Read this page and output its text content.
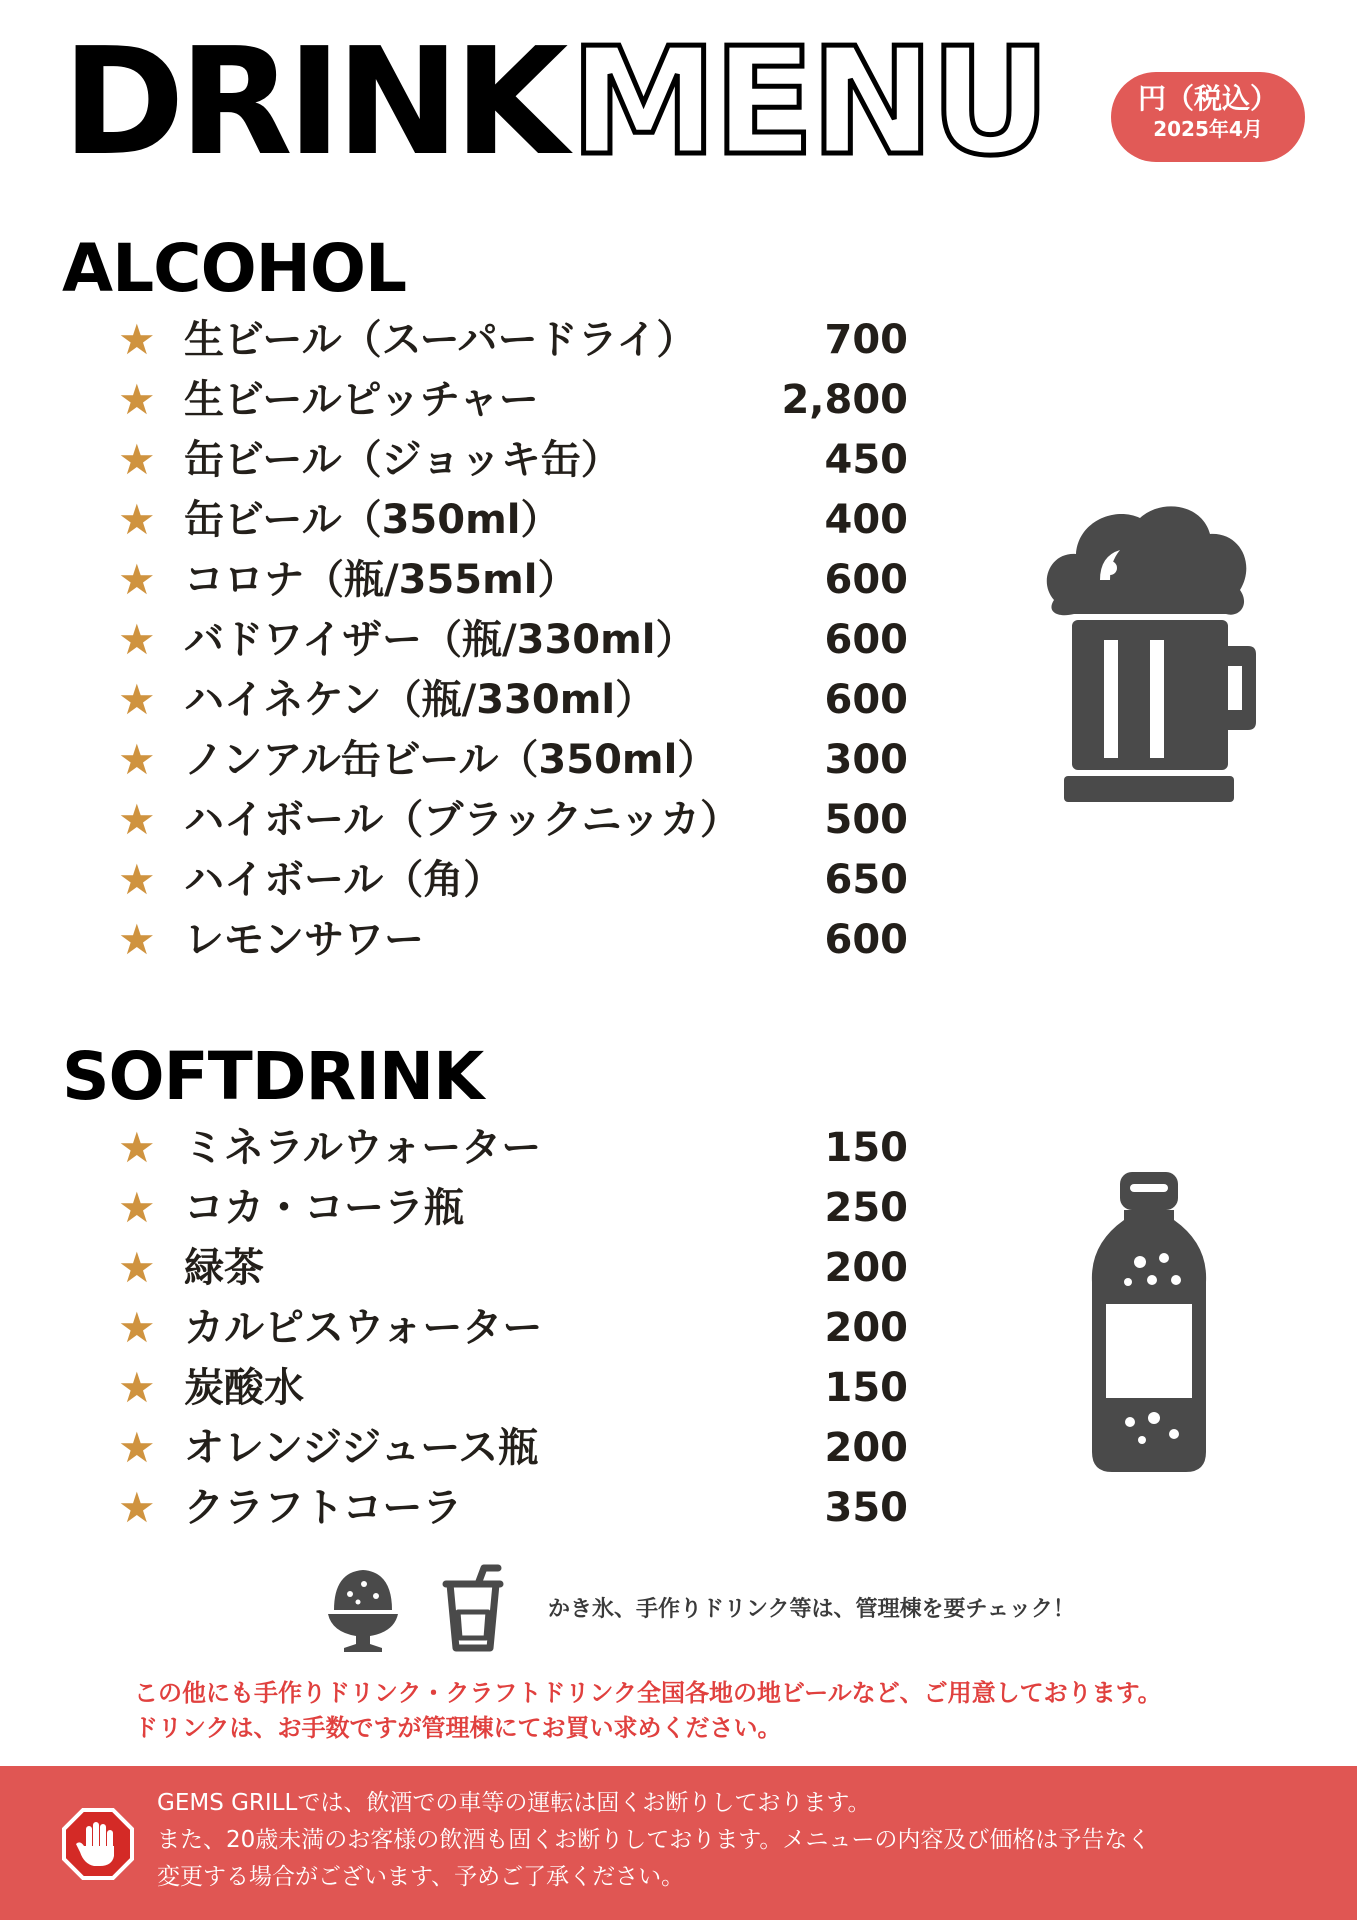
DRINK MENU	円（税込）
2025年4月
ALCOHOL
★ 生ビール（スーパードライ）	700
★ 生ビールピッチャー	2,800
★ 缶ビール（ジョッキ缶）	450
★ 缶ビール（350ml）	400
★ コロナ（瓶/355ml）	600
★ バドワイザー（瓶/330ml）	600
★ ハイネケン（瓶/330ml）	600
★ ノンアル缶ビール（350ml）	300
★ ハイボール（ブラックニッカ） 500
★ ハイボール（角）	650
★ レモンサワー	600
SOFTDRINK
★ ミネラルウォーター	150
★ コカ・コーラ瓶	250
★ 緑茶	200
★ カルピスウォーター	200
★ 炭酸水	150
★ オレンジジュース瓶	200
★ クラフトコーラ	350
かき氷、手作りドリンク等は、管理棟を要チェック！
この他にも手作りドリンク・クラフトドリンク全国各地の地ビールなど、ご用意しております。
ドリンクは、お手数ですが管理棟にてお買い求めください。
GEMS GRILLでは、飲酒での車等の運転は固くお断りしております。
また、20歳未満のお客様の飲酒も固くお断りしております。メニューの内容及び価格は予告なく
変更する場合がございます、予めご了承ください。
